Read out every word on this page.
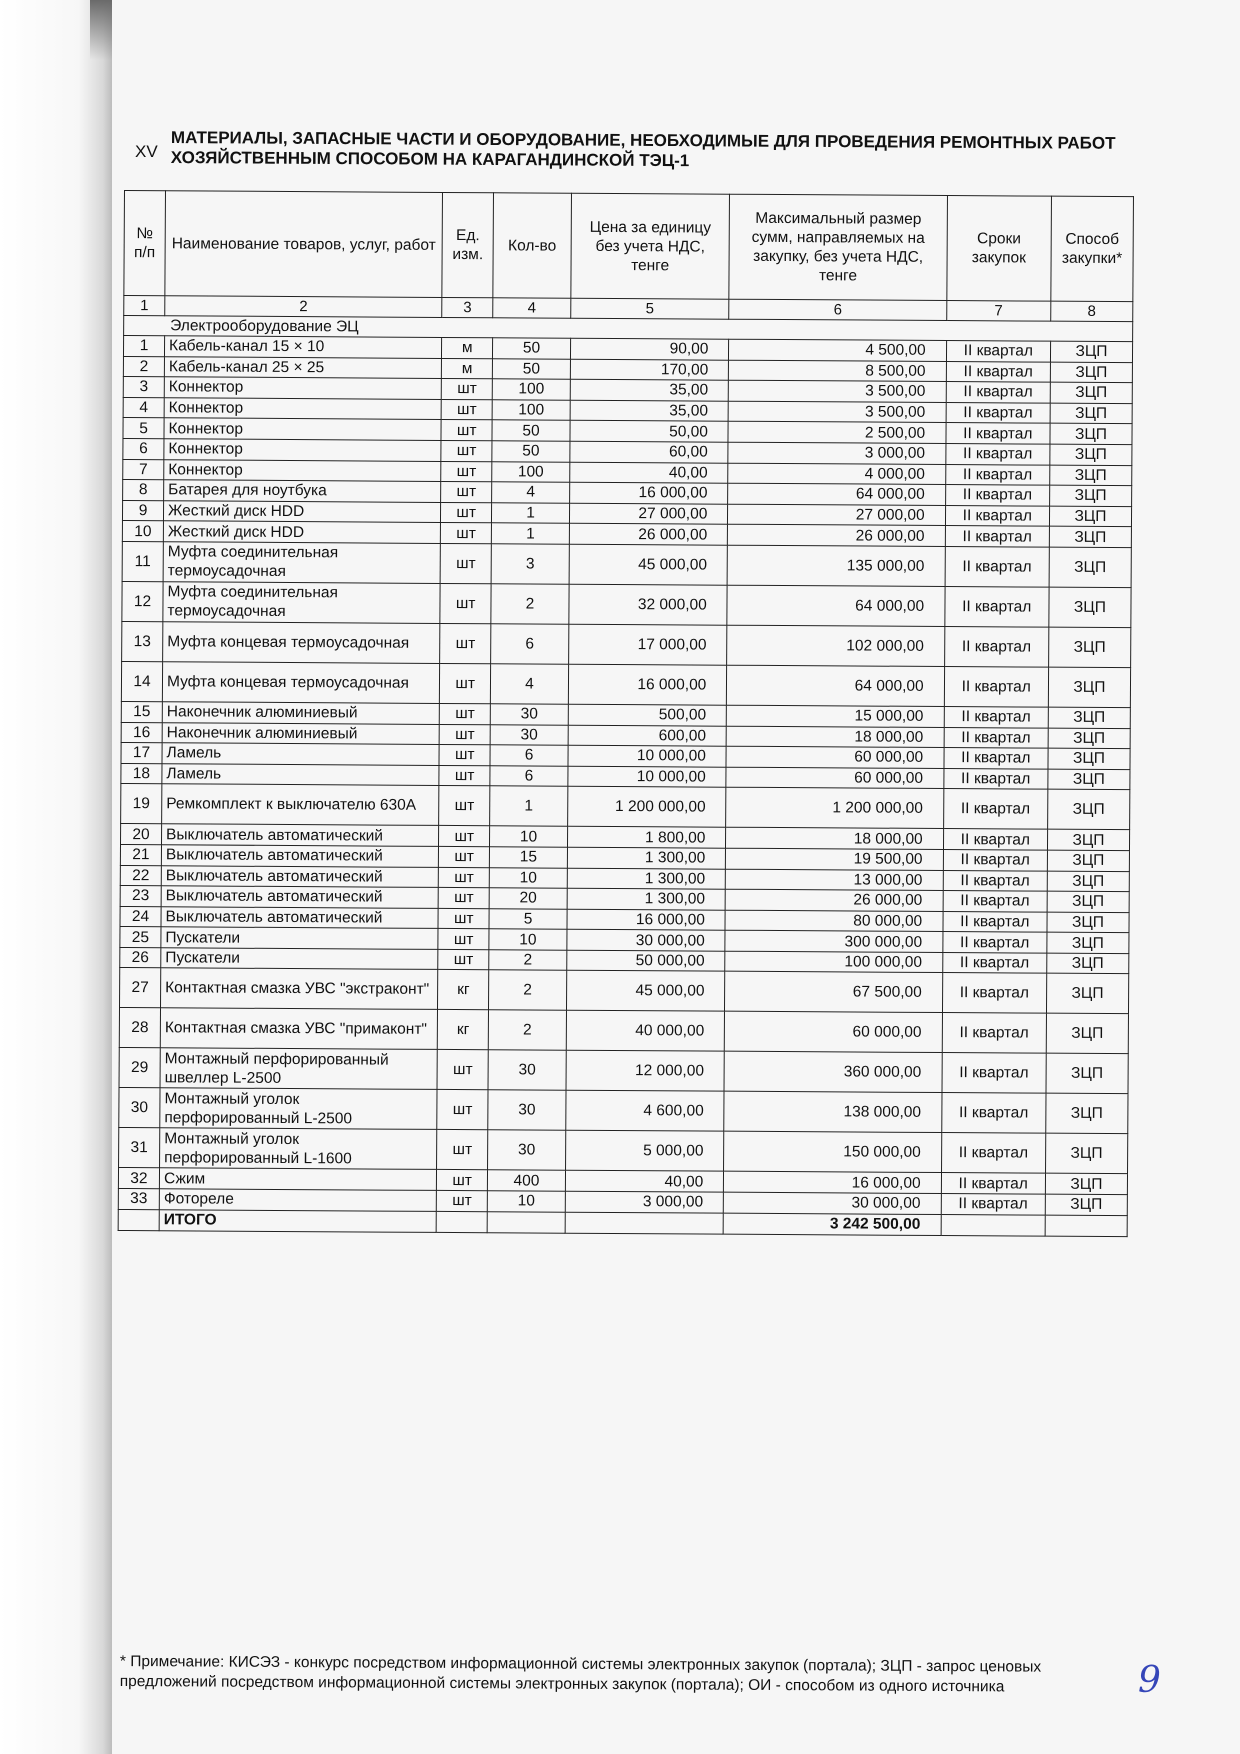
XV МАТЕРИАЛЫ, ЗАПАСНЫЕ ЧАСТИ И ОБОРУДОВАНИЕ, НЕОБХОДИМЫЕ ДЛЯ ПРОВЕДЕНИЯ РЕМОНТНЫХ РАБОТ ХОЗЯЙСТВЕННЫМ СПОСОБОМ НА КАРАГАНДИНСКОЙ ТЭЦ-1
№ п/п	Наименование товаров, услуг, работ	Ед. изм.	Кол-во	Цена за единицу без учета НДС, тенге	Максимальный размер сумм, направляемых на закупку, без учета НДС, тенге	Сроки закупок	Способ закупки*
1	2	3	4	5	6	7	8
Электрооборудование ЭЦ							
1	Кабель-канал 15 × 10	м	50	90,00	4 500,00	II квартал	ЗЦП
2	Кабель-канал 25 × 25	м	50	170,00	8 500,00	II квартал	ЗЦП
3	Коннектор	шт	100	35,00	3 500,00	II квартал	ЗЦП
4	Коннектор	шт	100	35,00	3 500,00	II квартал	ЗЦП
5	Коннектор	шт	50	50,00	2 500,00	II квартал	ЗЦП
6	Коннектор	шт	50	60,00	3 000,00	II квартал	ЗЦП
7	Коннектор	шт	100	40,00	4 000,00	II квартал	ЗЦП
8	Батарея для ноутбука	шт	4	16 000,00	64 000,00	II квартал	ЗЦП
9	Жесткий диск HDD	шт	1	27 000,00	27 000,00	II квартал	ЗЦП
10	Жесткий диск HDD	шт	1	26 000,00	26 000,00	II квартал	ЗЦП
11	Муфта соединительная термоусадочная	шт	3	45 000,00	135 000,00	II квартал	ЗЦП
12	Муфта соединительная термоусадочная	шт	2	32 000,00	64 000,00	II квартал	ЗЦП
13	Муфта концевая термоусадочная	шт	6	17 000,00	102 000,00	II квартал	ЗЦП
14	Муфта концевая термоусадочная	шт	4	16 000,00	64 000,00	II квартал	ЗЦП
15	Наконечник алюминиевый	шт	30	500,00	15 000,00	II квартал	ЗЦП
16	Наконечник алюминиевый	шт	30	600,00	18 000,00	II квартал	ЗЦП
17	Ламель	шт	6	10 000,00	60 000,00	II квартал	ЗЦП
18	Ламель	шт	6	10 000,00	60 000,00	II квартал	ЗЦП
19	Ремкомплект к выключателю 630А	шт	1	1 200 000,00	1 200 000,00	II квартал	ЗЦП
20	Выключатель автоматический	шт	10	1 800,00	18 000,00	II квартал	ЗЦП
21	Выключатель автоматический	шт	15	1 300,00	19 500,00	II квартал	ЗЦП
22	Выключатель автоматический	шт	10	1 300,00	13 000,00	II квартал	ЗЦП
23	Выключатель автоматический	шт	20	1 300,00	26 000,00	II квартал	ЗЦП
24	Выключатель автоматический	шт	5	16 000,00	80 000,00	II квартал	ЗЦП
25	Пускатели	шт	10	30 000,00	300 000,00	II квартал	ЗЦП
26	Пускатели	шт	2	50 000,00	100 000,00	II квартал	ЗЦП
27	Контактная смазка УВС "экстраконт"	кг	2	45 000,00	67 500,00	II квартал	ЗЦП
28	Контактная смазка УВС "примаконт"	кг	2	40 000,00	60 000,00	II квартал	ЗЦП
29	Монтажный перфорированный швеллер L-2500	шт	30	12 000,00	360 000,00	II квартал	ЗЦП
30	Монтажный уголок перфорированный L-2500	шт	30	4 600,00	138 000,00	II квартал	ЗЦП
31	Монтажный уголок перфорированный L-1600	шт	30	5 000,00	150 000,00	II квартал	ЗЦП
32	Сжим	шт	400	40,00	16 000,00	II квартал	ЗЦП
33	Фотореле	шт	10	3 000,00	30 000,00	II квартал	ЗЦП
	ИТОГО				3 242 500,00		
* Примечание: КИСЭЗ - конкурс посредством информационной системы электронных закупок (портала); ЗЦП - запрос ценовых предложений посредством информационной системы электронных закупок (портала); ОИ - способом из одного источника	9
